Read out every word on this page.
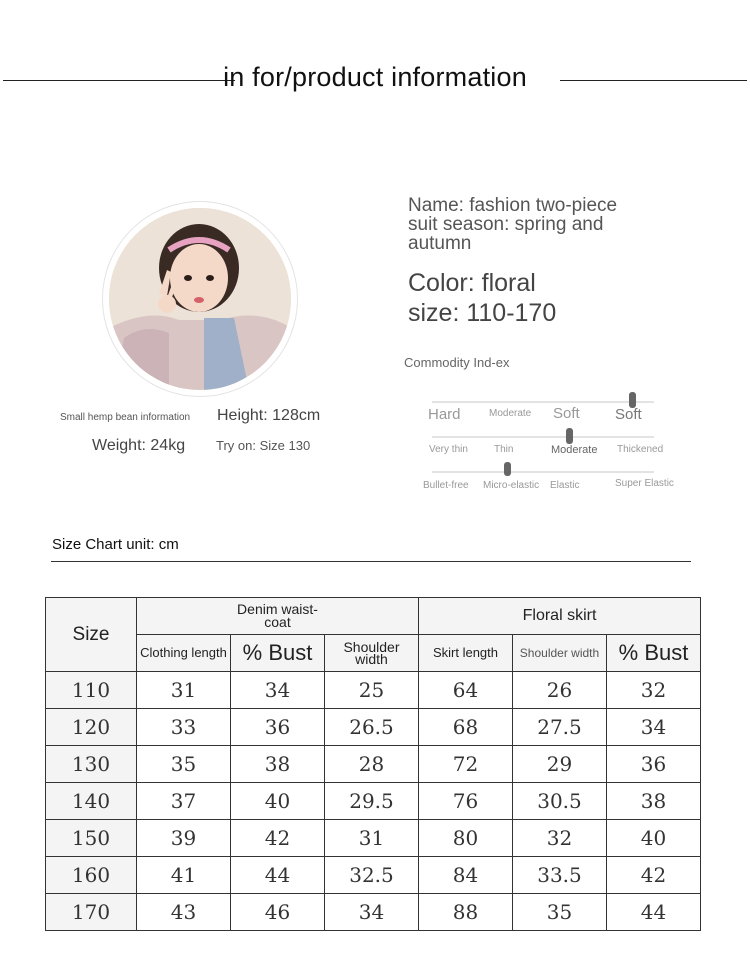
in for/product information
Small hemp bean information Height: 128cm
Weight: 24kg Try on: Size 130
Name: fashion two-piece suit season: spring and autumn
Color: floral
size: 110-170
Commodity Ind-ex
Hard	Moderate Soft Soft
Very thin	Thin	Moderate Thickened
Bullet-free Micro-elastic Elastic	Super Elastic
Size Chart unit: cm
Size	Denim waist-coat			Floral skirt		
	Clothing length	% Bust	Shoulder width	Skirt length	Shoulder width	% Bust
110	31	34	25	64	26	32
120	33	36	26.5	68	27.5	34
130	35	38	28	72	29	36
140	37	40	29.5	76	30.5	38
150	39	42	31	80	32	40
160	41	44	32.5	84	33.5	42
170	43	46	34	88	35	44
